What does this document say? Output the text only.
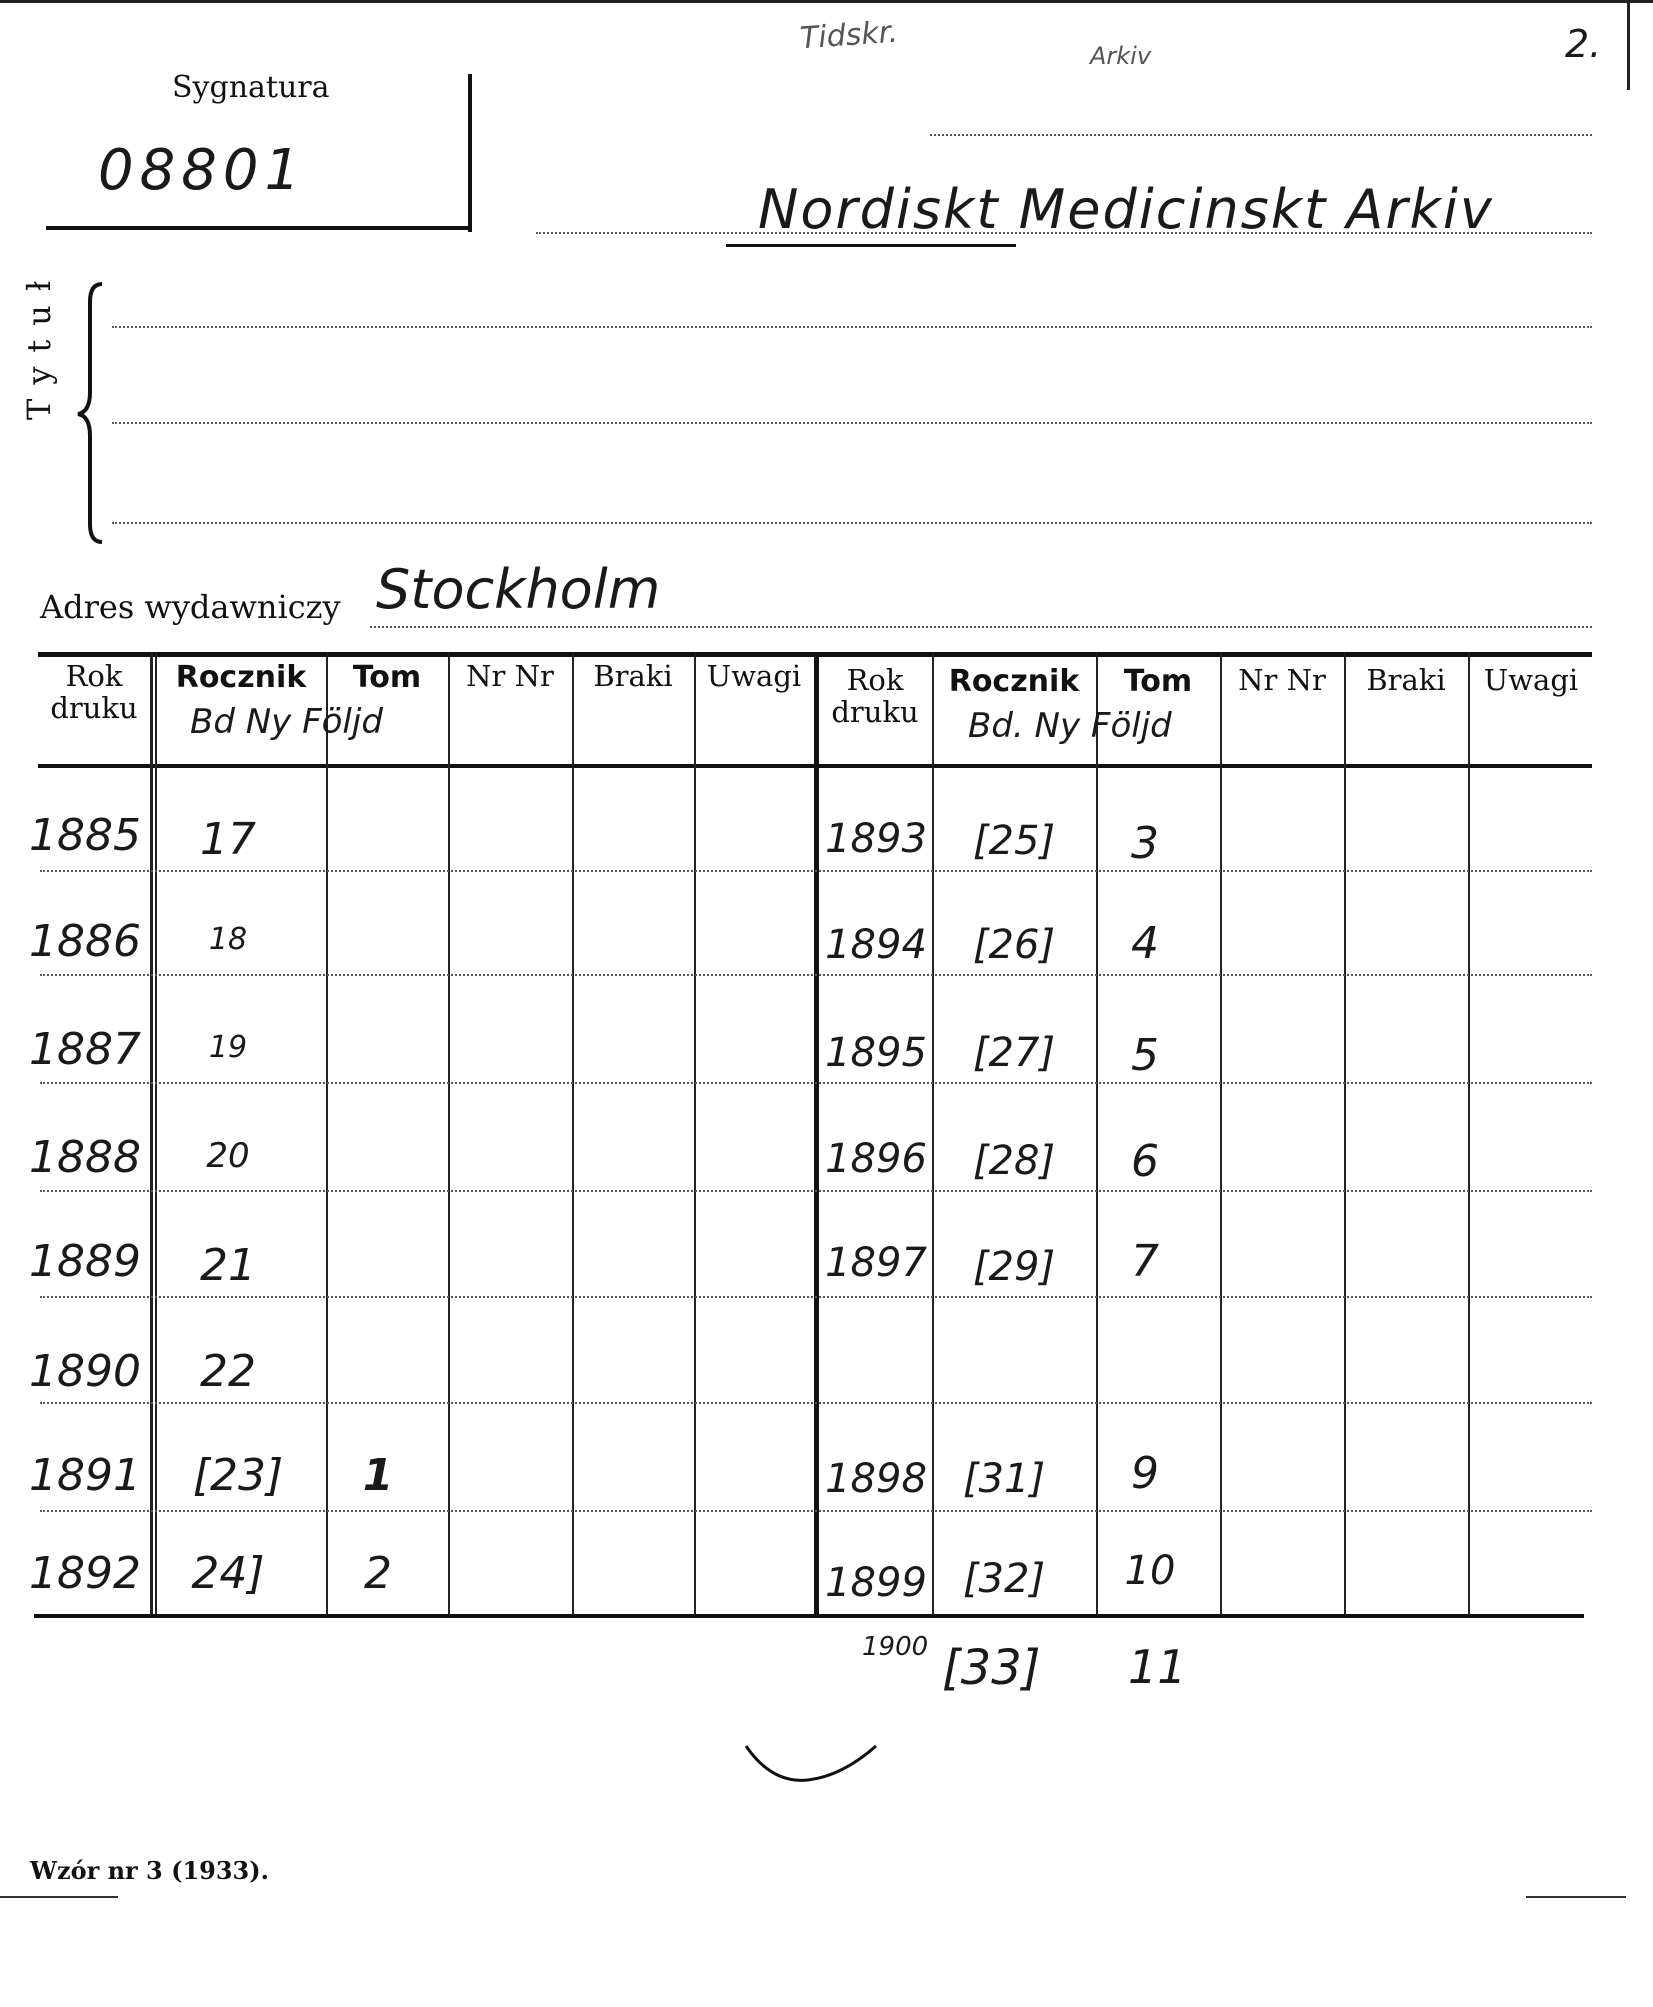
Tidskr.	Arkiv	2.
Sygnatura
08801
Nordiskt Medicinskt Arkiv
Tytuł
Adres wydawniczy Stockholm
Rok druku
Rocznik	Tom	Nr Nr	Braki	Uwagi
Bd Ny Följd
Rok druku
Rocznik	Tom	Nr Nr	Braki	Uwagi
Bd. Ny Följd
1885	17
1886	18
1887	19
1888	20
1889	21
1890	22
1891	[23]	1
1892	24]	2
1893	[25]	3
1894	[26]	4
1895	[27]	5
1896	[28]	6
1897	[29]	7
1898 [31]	9
1899 [32]	10
1900 [33] 11
Wzór nr 3 (1933).
